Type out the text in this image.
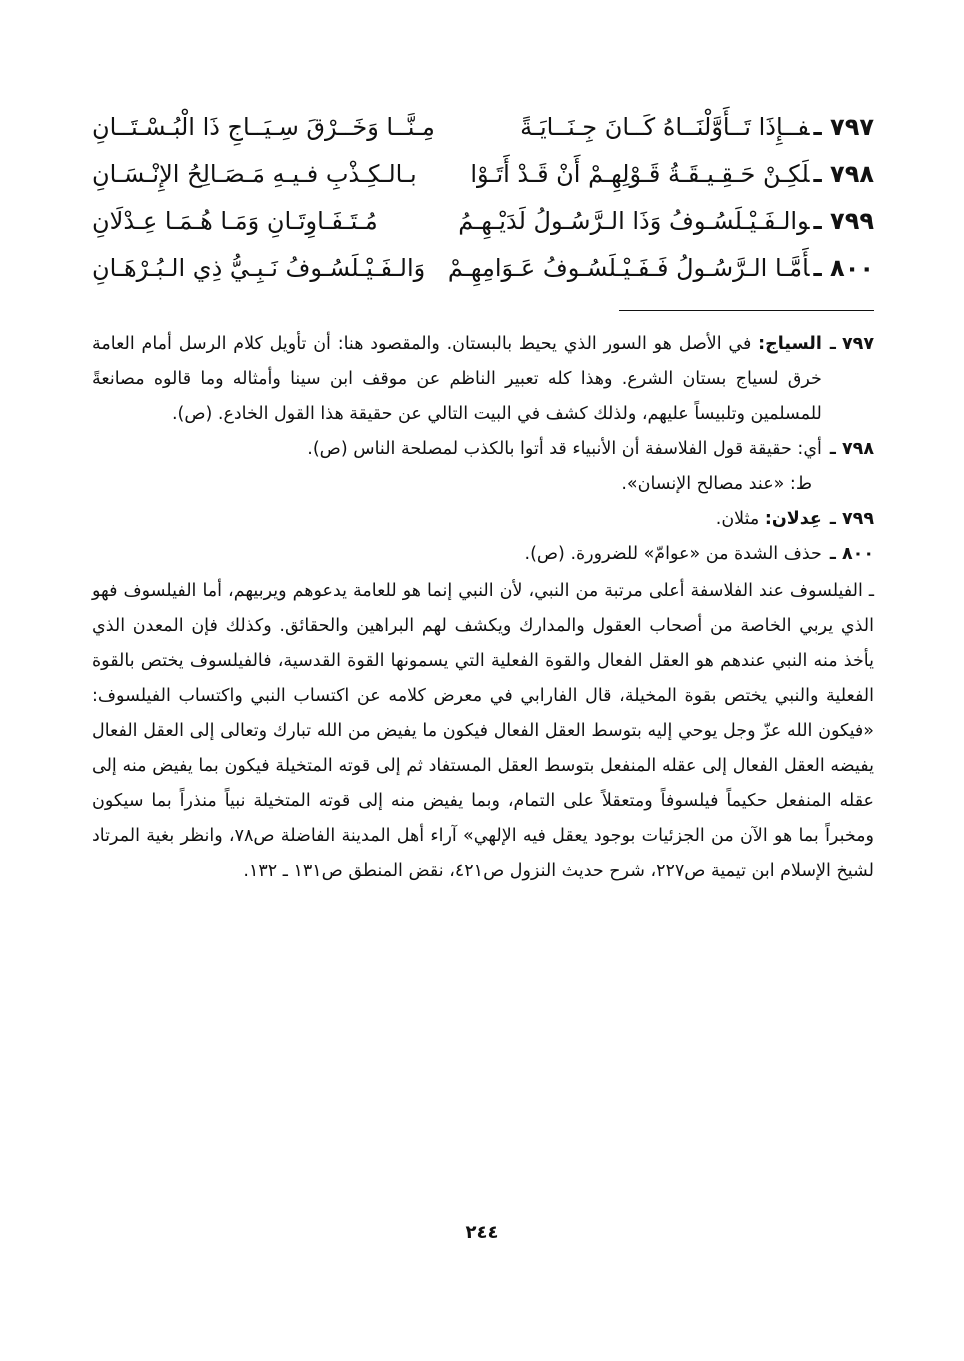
٧٩٧ ـفــإِذَا تَــأَوَّلْنَــاهُ كَــانَ جِـنَــايَـةً
مِـنَّــا وَخَــرْقَ سِـيَــاجِ ذَا الْبُـسْـتَــانِ
٧٩٨ ـلَكِـنْ حَـقِـيـقَـةُ قَـوْلِهِـمْ أَنْ قَـدْ أَتَـوْا
بـالـكِـذْبِ فـيـهِ مَـصَـالِحُ الإِنْـسَـانِ
٧٩٩ ـوالـفَـيْـلَسُـوفُ وَذَا الـرَّسُـولُ لَدَيْـهِـمُ
مُـتَـفَـاوِتَـانِ وَمَـا هُـمَـا عِـدْلَانِ
٨٠٠ ـأَمَّـا الـرَّسُـولُ فَـفَـيْـلَسُـوفُ عَـوَامِهِـمْ
وَالـفَـيْـلَسُـوفُ نَـبِـيُّ ذِي الـبُـرْهَـانِ
٧٩٧ ـ
السياج: في الأصل هو السور الذي يحيط بالبستان. والمقصود هنا: أن تأويل كلام الرسل أمام العامة خرق لسياج بستان الشرع. وهذا كله تعبير الناظم عن موقف ابن سينا وأمثاله وما قالوه مصانعةً للمسلمين وتلبيساً عليهم، ولذلك كشف في البيت التالي عن حقيقة هذا القول الخادع. (ص).
٧٩٨ ـ
أي: حقيقة قول الفلاسفة أن الأنبياء قد أتوا بالكذب لمصلحة الناس (ص).
ط: «عند مصالح الإنسان».
٧٩٩ ـ
عِدلان: مثلان.
٨٠٠ ـ
حذف الشدة من «عوامّ» للضرورة. (ص).
ـ الفيلسوف عند الفلاسفة أعلى مرتبة من النبي، لأن النبي إنما هو للعامة يدعوهم ويربيهم، أما الفيلسوف فهو الذي يربي الخاصة من أصحاب العقول والمدارك ويكشف لهم البراهين والحقائق. وكذلك فإن المعدن الذي يأخذ منه النبي عندهم هو العقل الفعال والقوة الفعلية التي يسمونها القوة القدسية، فالفيلسوف يختص بالقوة الفعلية والنبي يختص بقوة المخيلة، قال الفارابي في معرض كلامه عن اكتساب النبي واكتساب الفيلسوف: «فيكون الله عزّ وجل يوحي إليه بتوسط العقل الفعال فيكون ما يفيض من الله تبارك وتعالى إلى العقل الفعال يفيضه العقل الفعال إلى عقله المنفعل بتوسط العقل المستفاد ثم إلى قوته المتخيلة فيكون بما يفيض منه إلى عقله المنفعل حكيماً فيلسوفاً ومتعقلاً على التمام، وبما يفيض منه إلى قوته المتخيلة نبياً منذراً بما سيكون ومخبراً بما هو الآن من الجزئيات بوجود يعقل فيه الإلهي» آراء أهل المدينة الفاضلة ص٧٨، وانظر بغية المرتاد لشيخ الإسلام ابن تيمية ص٢٢٧، شرح حديث النزول ص٤٢١، نقض المنطق ص١٣١ ـ ١٣٢.
٢٤٤
